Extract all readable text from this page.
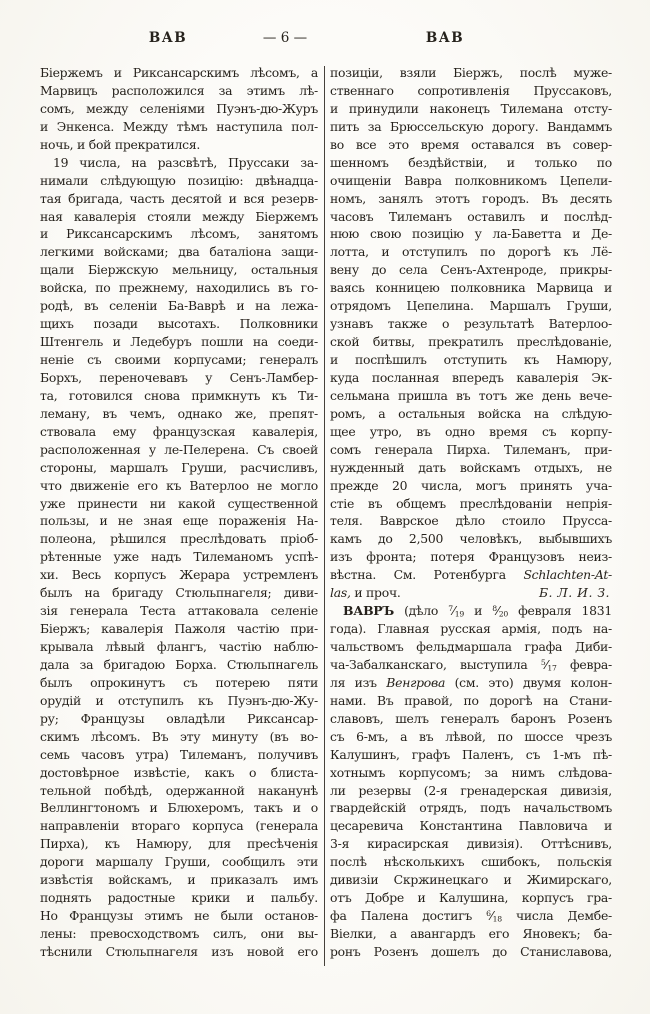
ВАВ	— 6 —	ВАВ
Біержемъ и Риксансарскимъ лѣсомъ, а
Марвицъ расположился за этимъ лѣ-
сомъ, между селеніями Пуэнъ-дю-Журъ
и Энкенса. Между тѣмъ наступила пол-
ночь, и бой прекратился.
19 числа, на разсвѣтѣ, Пруссаки за-
нимали слѣдующую позицію: двѣнадца-
тая бригада, часть десятой и вся резерв-
ная кавалерія стояли между Біержемъ
и Риксансарскимъ лѣсомъ, занятомъ
легкими войсками; два баталіона защи-
щали Біержскую мельницу, остальныя
войска, по прежнему, находились въ го-
родѣ, въ селеніи Ба-Ваврѣ и на лежа-
щихъ позади высотахъ. Полковники
Штенгель и Ледебуръ пошли на соеди-
неніе съ своими корпусами; генералъ
Борхъ, переночевавъ у Сенъ-Ламбер-
та, готовился снова примкнуть къ Ти-
леману, въ чемъ, однако же, препят-
ствовала ему французская кавалерія,
расположенная у ле-Пелерена. Съ своей
стороны, маршалъ Груши, расчисливъ,
что движеніе его къ Ватерлоо не могло
уже принести ни какой существенной
пользы, и не зная еще пораженія На-
полеона, рѣшился преслѣдовать пріоб-
рѣтенные уже надъ Тилеманомъ успѣ-
хи. Весь корпусъ Жерара устремленъ
былъ на бригаду Стюльпнагеля; диви-
зія генерала Теста аттаковала селеніе
Біержъ; кавалерія Пажоля частію при-
крывала лѣвый флангъ, частію наблю-
дала за бригадою Борха. Стюльпнагель
былъ опрокинутъ съ потерею пяти
орудій и отступилъ къ Пуэнъ-дю-Жу-
ру; Французы овладѣли Риксансар-
скимъ лѣсомъ. Въ эту минуту (въ во-
семь часовъ утра) Тилеманъ, получивъ
достовѣрное извѣстіе, какъ о блиста-
тельной побѣдѣ, одержанной наканунѣ
Веллингтономъ и Блюхеромъ, такъ и о
направленіи втораго корпуса (генерала
Пирха), къ Намюру, для пресѣченія
дороги маршалу Груши, сообщилъ эти
извѣстія войскамъ, и приказалъ имъ
поднять радостные крики и пальбу.
Но Французы этимъ не были останов-
лены: превосходствомъ силъ, они вы-
тѣснили Стюльпнагеля изъ новой его
позиціи, взяли Біержъ, послѣ муже-
ственнаго сопротивленія Пруссаковъ,
и принудили наконецъ Тилемана отсту-
пить за Брюссельскую дорогу. Вандаммъ
во все это время оставался въ совер-
шенномъ бездѣйствіи, и только по
очищеніи Вавра полковникомъ Цепели-
номъ, занялъ этотъ городъ. Въ десять
часовъ Тилеманъ оставилъ и послѣд-
нюю свою позицію у ла-Баветта и Де-
лотта, и отступилъ по дорогѣ къ Лё-
вену до села Сенъ-Ахтенроде, прикры-
ваясь конницею полковника Марвица и
отрядомъ Цепелина. Маршалъ Груши,
узнавъ также о результатѣ Ватерлоо-
ской битвы, прекратилъ преслѣдованіе,
и поспѣшилъ отступить къ Намюру,
куда посланная впередъ кавалерія Эк-
сельмана пришла въ тотъ же день вече-
ромъ, а остальныя войска на слѣдую-
щее утро, въ одно время съ корпу-
сомъ генерала Пирха. Тилеманъ, при-
нужденный дать войскамъ отдыхъ, не
прежде 20 числа, могъ принять уча-
стіе въ общемъ преслѣдованіи непрія-
теля. Ваврское дѣло стоило Прусса-
камъ до 2,500 человѣкъ, выбывшихъ
изъ фронта; потеря Французовъ неиз-
вѣстна. См. Ротенбурга Schlachten-At-
las, и проч.	Б. Л. И. З.
ВАВРЪ (дѣло $^7⁄_{19}$ и $^8⁄_{20}$ февраля 1831
года). Главная русская армія, подъ на-
чальствомъ фельдмаршала графа Диби-
ча-Забалканскаго, выступила $^5⁄_{17}$ февра-
ля изъ Венгрова (см. это) двумя колон-
нами. Въ правой, по дорогѣ на Стани-
славовъ, шелъ генералъ баронъ Розенъ
съ 6-мъ, а въ лѣвой, по шоссе чрезъ
Калушинъ, графъ Паленъ, съ 1-мъ пѣ-
хотнымъ корпусомъ; за нимъ слѣдова-
ли резервы (2-я гренадерская дивизія,
гвардейскій отрядъ, подъ начальствомъ
цесаревича Константина Павловича и
3-я кирасирская дивизія). Оттѣснивъ,
послѣ нѣсколькихъ сшибокъ, польскія
дивизіи Скржинецкаго и Жимирскаго,
отъ Добре и Калушина, корпусъ гра-
фа Палена достигъ $^6⁄_{18}$ числа Дембе-
Віелки, а авангардъ его Яновекъ; ба-
ронъ Розенъ дошелъ до Станиславова,
